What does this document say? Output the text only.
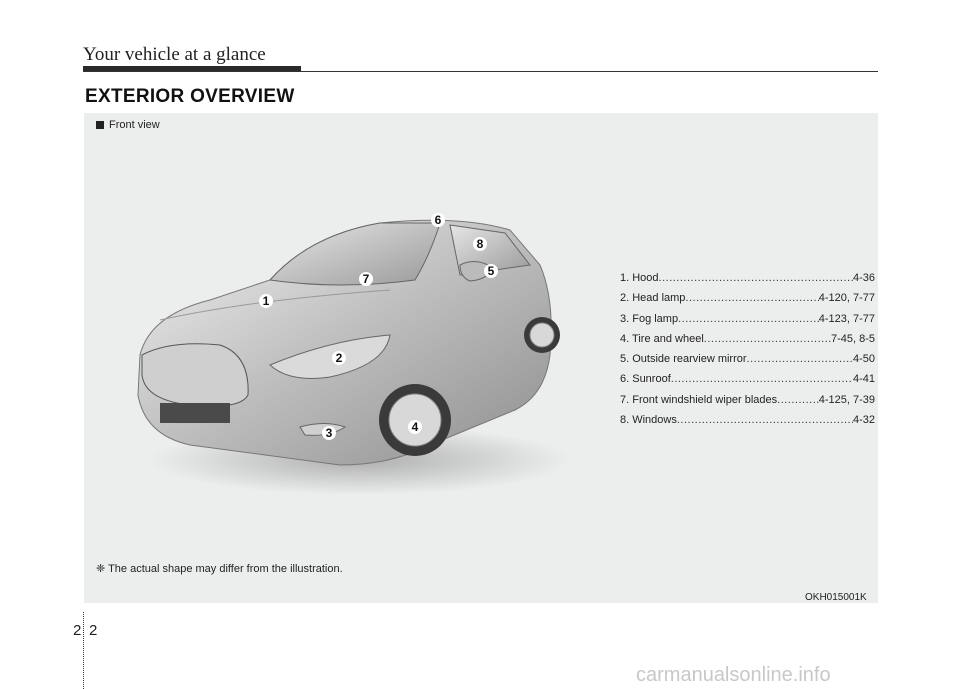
Your vehicle at a glance
EXTERIOR OVERVIEW
Front view
1
2
3	4
5
6
7
8
1. Hood .....	4-36
2. Head lamp .....	4-120, 7-77
3. Fog lamp .....	4-123, 7-77
4. Tire and wheel .....	7-45, 8-5
5. Outside rearview mirror .....	4-50
6. Sunroof .....	4-41
7. Front windshield wiper blades .....	4-125, 7-39
8. Windows .....	4-32
❈ The actual shape may differ from the illustration.
OKH015001K
2 2
carmanualsonline.info
